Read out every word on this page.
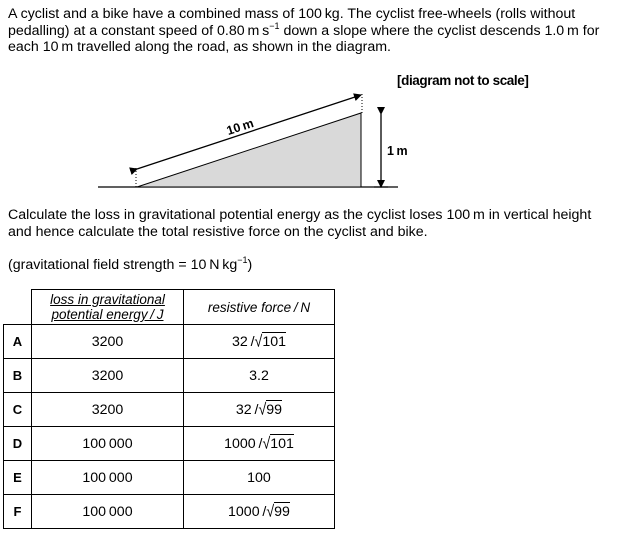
A cyclist and a bike have a combined mass of 100 kg. The cyclist free-wheels (rolls without
pedalling) at a constant speed of 0.80 m $s^{-1}$ down a slope where the cyclist descends 1.0 m for
each 10 m travelled along the road, as shown in the diagram.
[diagram not to scale]
10 m
1 m
Calculate the loss in gravitational potential energy as the cyclist loses 100 m in vertical height
and hence calculate the total resistive force on the cyclist and bike.
(gravitational field strength = 10 N $kg^{-1}$)

	loss in gravitational
potential energy / J	resistive force / N

A	3200	32 /√101
B	3200	3.2
C	3200	32 /√99
D	100 000	1000 /√101
E	100 000	100
F	100 000	1000 /√99
